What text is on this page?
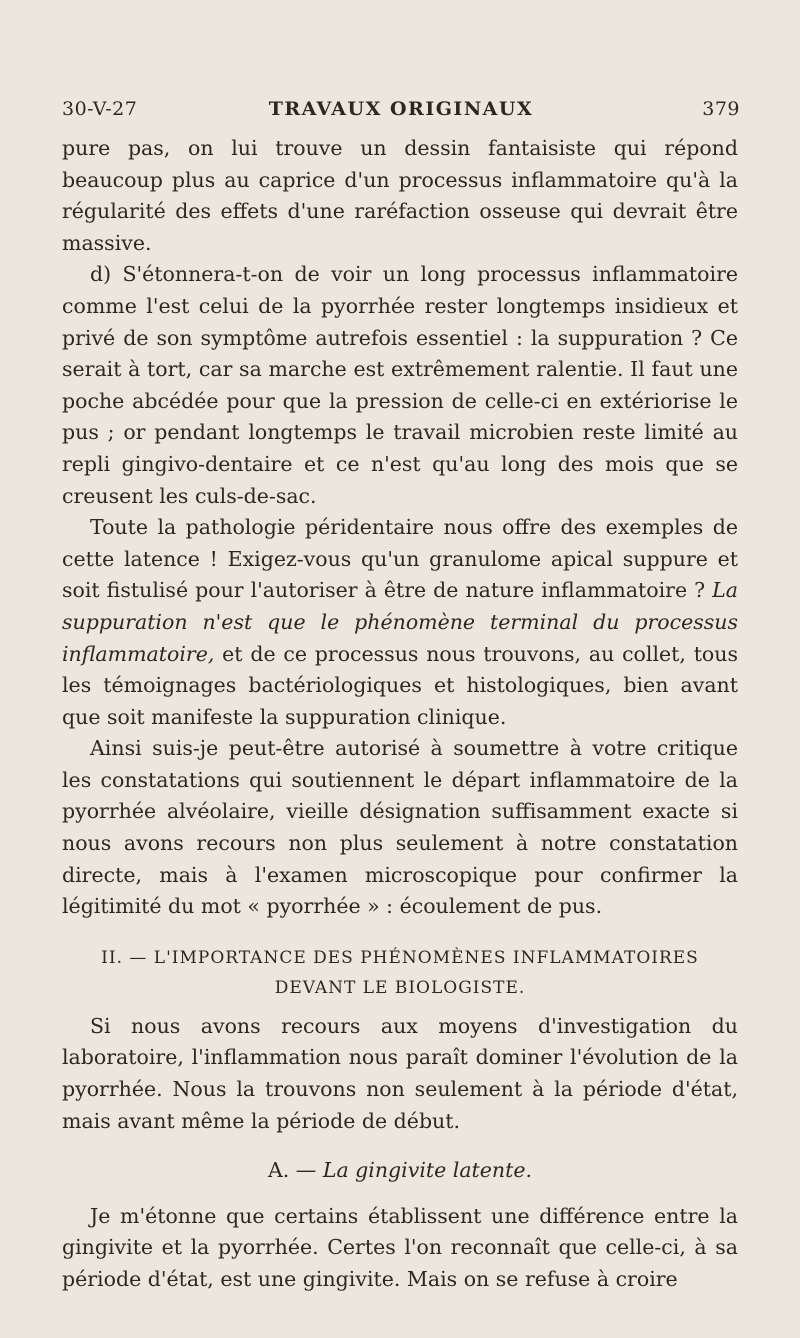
30-V-27	TRAVAUX ORIGINAUX	379

pure pas, on lui trouve un dessin fantaisiste qui répond beaucoup plus au caprice d'un processus inflammatoire qu'à la régularité des effets d'une raréfaction osseuse qui devrait être massive.

d) S'étonnera-t-on de voir un long processus inflammatoire comme l'est celui de la pyorrhée rester longtemps insidieux et privé de son symptôme autrefois essentiel : la suppuration ? Ce serait à tort, car sa marche est extrêmement ralentie. Il faut une poche abcédée pour que la pression de celle-ci en extériorise le pus ; or pendant longtemps le travail microbien reste limité au repli gingivo-dentaire et ce n'est qu'au long des mois que se creusent les culs-de-sac.

Toute la pathologie péridentaire nous offre des exemples de cette latence ! Exigez-vous qu'un granulome apical suppure et soit fistulisé pour l'autoriser à être de nature inflammatoire ? La suppuration n'est que le phénomène terminal du processus inflammatoire, et de ce processus nous trouvons, au collet, tous les témoignages bactériologiques et histologiques, bien avant que soit manifeste la suppuration clinique.

Ainsi suis-je peut-être autorisé à soumettre à votre critique les constatations qui soutiennent le départ inflammatoire de la pyorrhée alvéolaire, vieille désignation suffisamment exacte si nous avons recours non plus seulement à notre constatation directe, mais à l'examen microscopique pour confirmer la légitimité du mot « pyorrhée » : écoulement de pus.

II. — L'IMPORTANCE DES PHÉNOMÈNES INFLAMMATOIRES DEVANT LE BIOLOGISTE.

Si nous avons recours aux moyens d'investigation du laboratoire, l'inflammation nous paraît dominer l'évolution de la pyorrhée. Nous la trouvons non seulement à la période d'état, mais avant même la période de début.

A. — La gingivite latente.

Je m'étonne que certains établissent une différence entre la gingivite et la pyorrhée. Certes l'on reconnaît que celle-ci, à sa période d'état, est une gingivite. Mais on se refuse à croire
